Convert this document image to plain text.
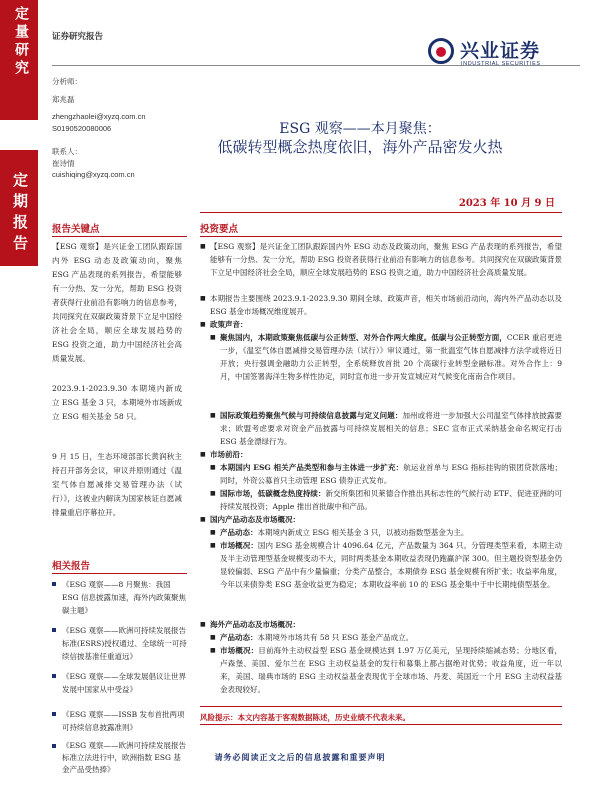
定量研究
定期报告
证券研究报告
兴业证券
INDUSTRIAL SECURITIES
分析师：
郑兆磊
zhengzhaolei@xyzq.com.cn
S0190520080006
联系人：
崔诗情
cuishiqing@xyzq.com.cn
ESG 观察——本月聚焦：
低碳转型概念热度依旧，海外产品密发火热
2023 年 10 月 9 日
报告关键点
【ESG 观察】是兴证金工团队跟踪国内外 ESG 动态及政策动向，聚焦 ESG 产品表现的系列报告，希望能够有一分热、发一分光，帮助 ESG 投资者获得行业前沿有影响力的信息参考，共同探究在双碳政策背景下立足中国经济社会全局，顺应全球发展趋势的 ESG 投资之道，助力中国经济社会高质量发展。
2023.9.1-2023.9.30 本期境内新成立 ESG 基金 3 只，本期境外市场新成立 ESG 相关基金 58 只。
9 月 15 日，生态环境部部长黄润秋主持召开部务会议，审议并原则通过《温室气体自愿减排交易管理办法（试行）》，这被业内解读为国家核证自愿减排量重启序幕拉开。
相关报告
《ESG 观察——8 月聚焦：我国 ESG 信息披露加速，海外内政策聚焦碳主题》
《ESG 观察——欧洲可持续发展报告标准(ESRS)授权通过、全球统一可持续信披基准任重道远》
《ESG 观察——全球发展倡议让世界发展中国家从中受益》
《ESG 观察——ISSB 发布首批两项可持续信息披露准则》
《ESG 观察——欧洲可持续发展报告标准立法进行中，欧洲指数 ESG 基金产品受热捧》
投资要点
■ 【ESG 观察】是兴证金工团队跟踪国内外 ESG 动态及政策动向，聚焦 ESG 产品表现的系列报告，希望能够有一分热、发一分光，帮助 ESG 投资者获得行业前沿有影响力的信息参考。共同探究在双碳政策背景下立足中国经济社会全局，顺应全球发展趋势的 ESG 投资之道，助力中国经济社会高质量发展。
■ 本期报告主要围绕 2023.9.1-2023.9.30 期间全球、政策声音，相关市场前沿动向，海内外产品动态以及 ESG 基金市场概况维度展开。
■ 政策声音：
■ 聚焦国内，本期政策聚焦低碳与公正转型、对外合作两大维度。低碳与公正转型方面，CCER 重启更进一步，《温室气体自愿减排交易管理办法（试行）》审议通过，第一批温室气体自愿减排方法学或将近日开放；央行强调金融助力公正转型，全系统释放首批 20 个高碳行业转型金融标准。对外合作上：9 月，中国签署海洋生物多样性协定，同时宣布进一步开发宣城应对气候变化南南合作项目。
■ 国际政策趋势聚焦气候与可持续信息披露与定义问题：加州或将进一步加强大公司温室气体排放披露要求；欧盟考虑要求对资金产品披露与可持续发展相关的信息；SEC 宣布正式采纳基金命名规定打击 ESG 基金漂绿行为。
■ 市场前沿：
■ 本期国内 ESG 相关产品类型和参与主体进一步扩充：航运业首单与 ESG 指标挂钩的银团贷款落地；同时，外资公募首只主动管理 ESG 债券正式发布。
■ 国际市场，低碳概念热度持续：新交所集团和贝莱德合作推出具标志性的气候行动 ETF、促进亚洲的可持续发展投资；Apple 推出首批碳中和产品。
■ 国内产品动态及市场概况：
■ 产品动态：本期境内新成立 ESG 相关基金 3 只，以被动指数型基金为主。
■ 市场概况：国内 ESG 基金规模合计 4096.64 亿元，产品数量为 364 只。分管理类型来看，本期主动及半主动管理型基金规模变动不大，同时两类基金本期收益表现仍跑赢沪深 300。但主题投资型基金仍显较偏弱、ESG 产品中有少量偏重；分类产品整合，本期债券 ESG 基金规模有所扩张；收益率角度，今年以来债券类 ESG 基金收益更为稳定；本期收益率前 10 的 ESG 基金集中于中长期纯债型基金。
■ 海外产品动态及市场概况：
■ 产品动态：本期境外市场共有 58 只 ESG 基金产品成立。
■ 市场概况：目前海外主动权益型 ESG 基金规模达到 1.97 万亿美元，呈现持续缩减态势；分地区看，卢森堡、美国、爱尔兰在 ESG 主动权益基金的发行和募集上都占据绝对优势；收益角度，近一年以来，美国、瑞典市场的 ESG 主动权益基金表现优于全球市场、丹麦、英国近一个月 ESG 主动权益基金表现较好。
风险提示：本文内容基于客观数据陈述，历史业绩不代表未来。
请务必阅读正文之后的信息披露和重要声明
